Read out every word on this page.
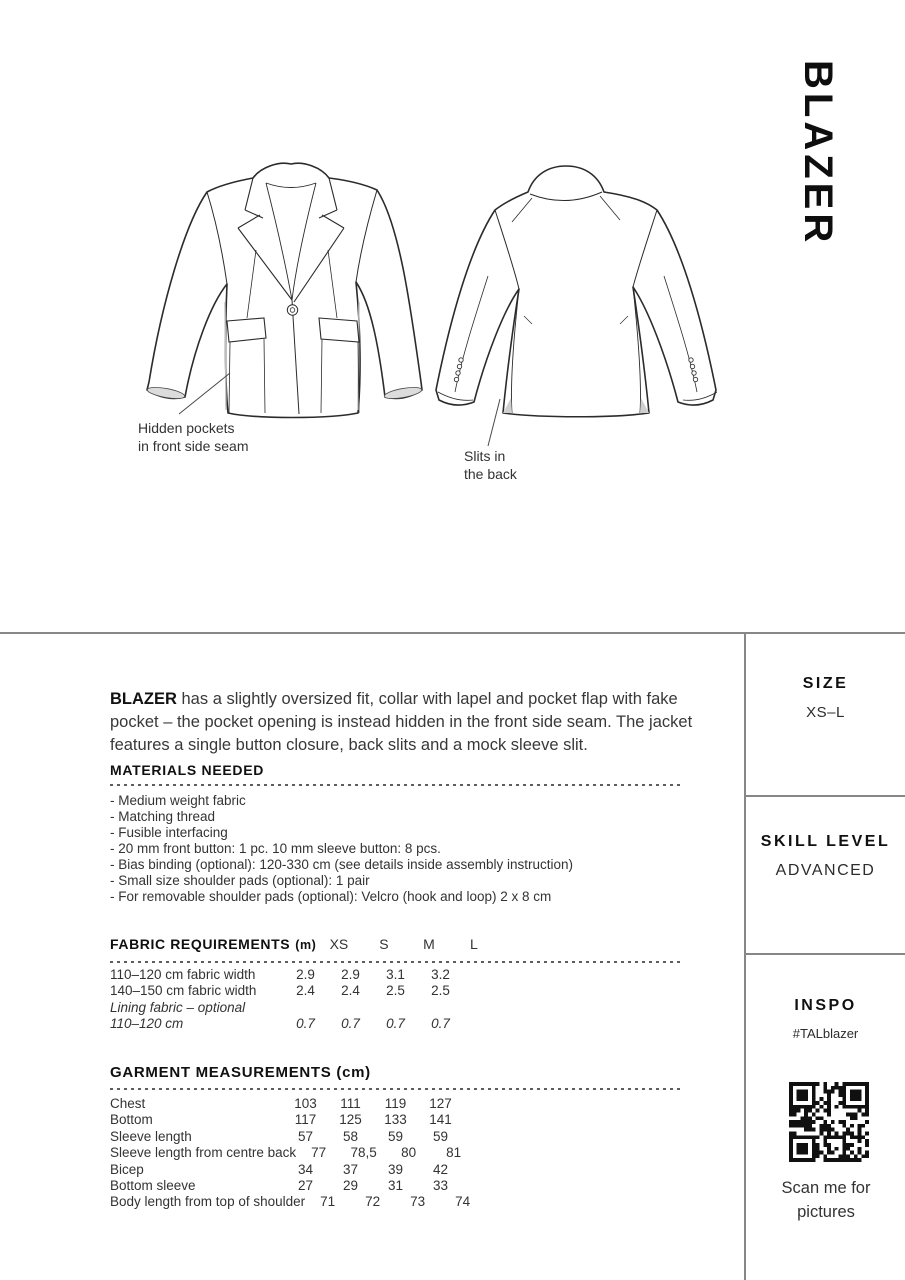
Hidden pockets
in front side seam
Slits in
the back
BLAZER

BLAZER has a slightly oversized fit, collar with lapel and pocket flap with fake pocket – the pocket opening is instead hidden in the front side seam. The jacket features a single button closure, back slits and a mock sleeve slit.

MATERIALS NEEDED
- Medium weight fabric
- Matching thread
- Fusible interfacing
- 20 mm front button: 1 pc. 10 mm sleeve button: 8 pcs.
- Bias binding (optional): 120-330 cm (see details inside assembly instruction)
- Small size shoulder pads (optional): 1 pair
- For removable shoulder pads (optional): Velcro (hook and loop) 2 x 8 cm
FABRIC REQUIREMENTS (m) XS	S	M	L
110–120 cm fabric width	2.9	2.9	3.1	3.2
140–150 cm fabric width	2.4	2.4	2.5	2.5
Lining fabric – optional
110–120 cm	0.7	0.7	0.7	0.7
GARMENT MEASUREMENTS (cm)
Chest	103	111	119	127
Bottom	117	125	133	141
Sleeve length	57	58	59	59
Sleeve length from centre back	77	78,5	80	81
Bicep	34	37	39	42
Bottom sleeve	27	29	31	33
Body length from top of shoulder	71	72	73	74
SIZE
XS–L
SKILL LEVEL
ADVANCED
INSPO
#TALblazer
Scan me for pictures
